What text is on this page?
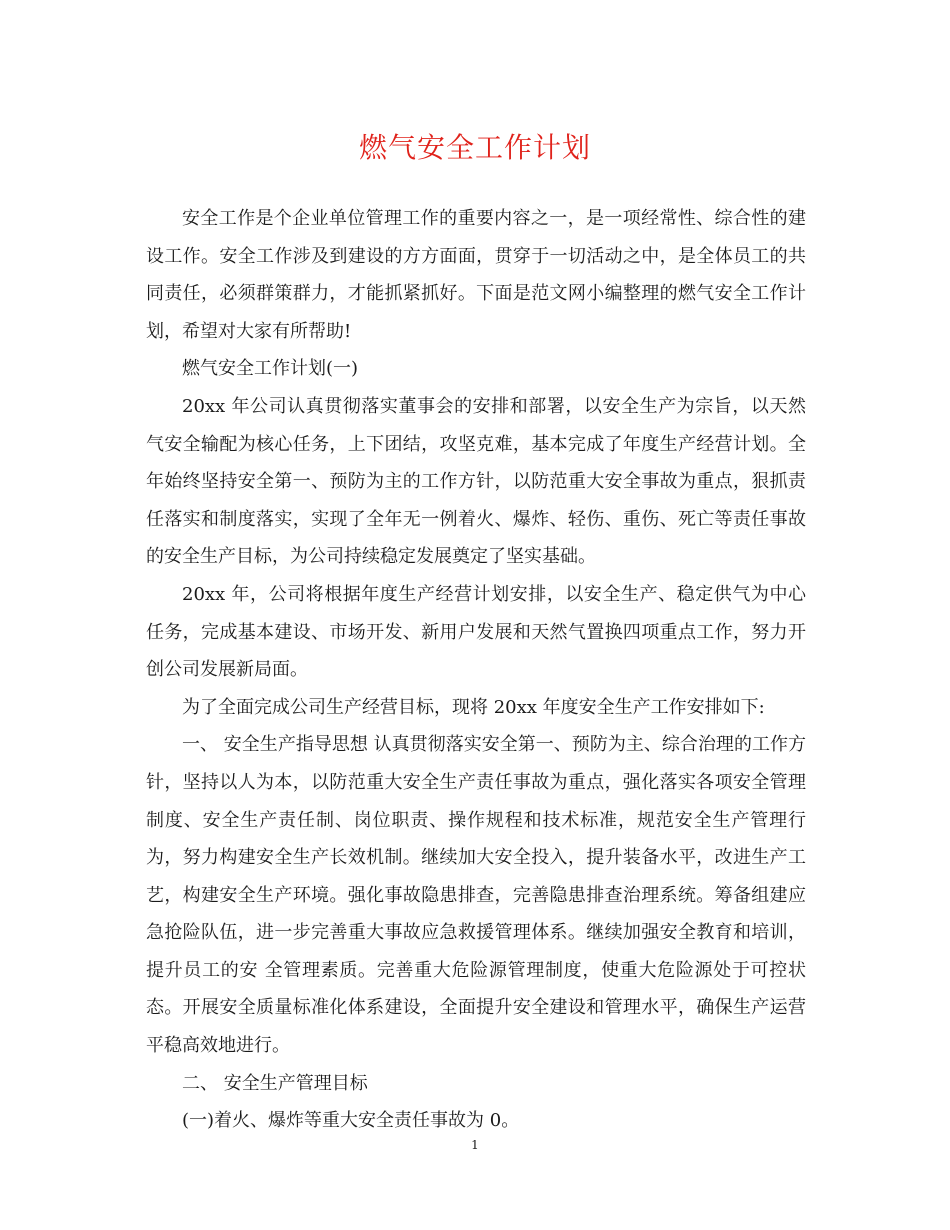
燃气安全工作计划

安全工作是个企业单位管理工作的重要内容之一，是一项经常性、综合性的建设工作。安全工作涉及到建设的方方面面，贯穿于一切活动之中，是全体员工的共同责任，必须群策群力，才能抓紧抓好。下面是范文网小编整理的燃气安全工作计划，希望对大家有所帮助!

燃气安全工作计划(一)

20xx 年公司认真贯彻落实董事会的安排和部署，以安全生产为宗旨，以天然气安全输配为核心任务，上下团结，攻坚克难，基本完成了年度生产经营计划。全年始终坚持安全第一、预防为主的工作方针，以防范重大安全事故为重点，狠抓责任落实和制度落实，实现了全年无一例着火、爆炸、轻伤、重伤、死亡等责任事故的安全生产目标，为公司持续稳定发展奠定了坚实基础。

20xx 年，公司将根据年度生产经营计划安排，以安全生产、稳定供气为中心任务，完成基本建设、市场开发、新用户发展和天然气置换四项重点工作，努力开创公司发展新局面。

为了全面完成公司生产经营目标，现将 20xx 年度安全生产工作安排如下:

一、 安全生产指导思想 认真贯彻落实安全第一、预防为主、综合治理的工作方针，坚持以人为本，以防范重大安全生产责任事故为重点，强化落实各项安全管理制度、安全生产责任制、岗位职责、操作规程和技术标准，规范安全生产管理行为，努力构建安全生产长效机制。继续加大安全投入，提升装备水平，改进生产工艺，构建安全生产环境。强化事故隐患排查，完善隐患排查治理系统。筹备组建应急抢险队伍，进一步完善重大事故应急救援管理体系。继续加强安全教育和培训，提升员工的安 全管理素质。完善重大危险源管理制度，使重大危险源处于可控状态。开展安全质量标准化体系建设，全面提升安全建设和管理水平，确保生产运营平稳高效地进行。

二、 安全生产管理目标

(一)着火、爆炸等重大安全责任事故为 0。

1
